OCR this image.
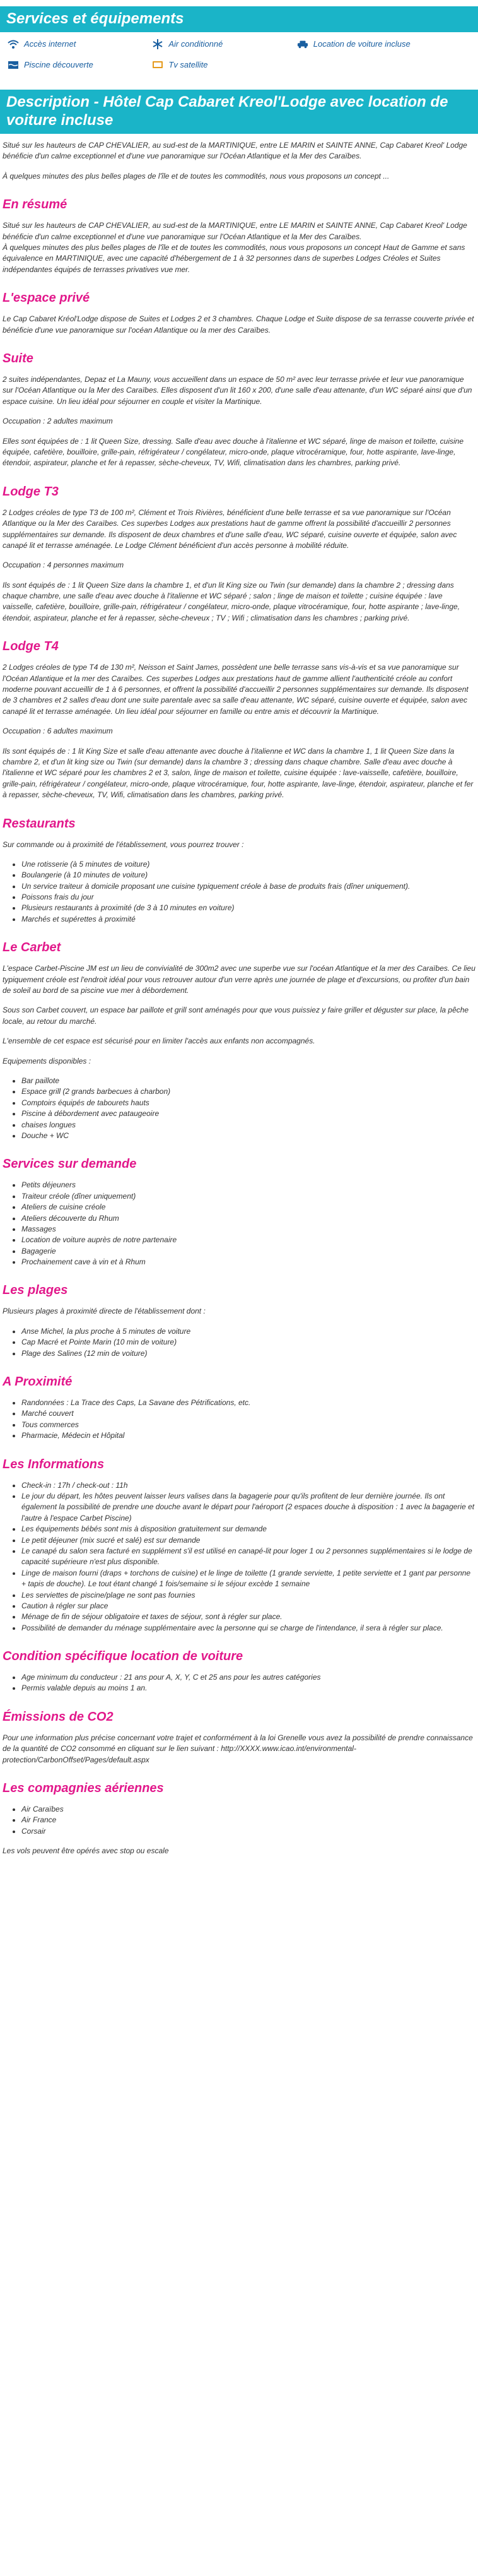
Services et équipements
Accès internet	Air conditionné	Location de voiture incluse
Piscine découverte	Tv satellite
Description - Hôtel Cap Cabaret Kreol'Lodge avec location de voiture incluse

Situé sur les hauteurs de CAP CHEVALIER, au sud-est de la MARTINIQUE, entre LE MARIN et SAINTE ANNE, Cap Cabaret Kreol' Lodge bénéficie d'un calme exceptionnel et d'une vue panoramique sur l'Océan Atlantique et la Mer des Caraïbes.

À quelques minutes des plus belles plages de l'île et de toutes les commodités, nous vous proposons un concept ...

En résumé

Situé sur les hauteurs de CAP CHEVALIER, au sud-est de la MARTINIQUE, entre LE MARIN et SAINTE ANNE, Cap Cabaret Kreol' Lodge bénéficie d'un calme exceptionnel et d'une vue panoramique sur l'Océan Atlantique et la Mer des Caraïbes.

À quelques minutes des plus belles plages de l'île et de toutes les commodités, nous vous proposons un concept Haut de Gamme et sans équivalence en MARTINIQUE, avec une capacité d'hébergement de 1 à 32 personnes dans de superbes Lodges Créoles et Suites indépendantes équipés de terrasses privatives vue mer.

L'espace privé

Le Cap Cabaret Kréol'Lodge dispose de Suites et Lodges 2 et 3 chambres. Chaque Lodge et Suite dispose de sa terrasse couverte privée et bénéficie d'une vue panoramique sur l'océan Atlantique ou la mer des Caraïbes.

Suite

2 suites indépendantes, Depaz et La Mauny, vous accueillent dans un espace de 50 m² avec leur terrasse privée et leur vue panoramique sur l'Océan Atlantique ou la Mer des Caraïbes. Elles disposent d'un lit 160 x 200, d'une salle d'eau attenante, d'un WC séparé ainsi que d'un espace cuisine. Un lieu idéal pour séjourner en couple et visiter la Martinique.

Occupation : 2 adultes maximum

Elles sont équipées de : 1 lit Queen Size, dressing. Salle d'eau avec douche à l'italienne et WC séparé, linge de maison et toilette, cuisine équipée, cafetière, bouilloire, grille-pain, réfrigérateur / congélateur, micro-onde, plaque vitrocéramique, four, hotte aspirante, lave-linge, étendoir, aspirateur, planche et fer à repasser, sèche-cheveux, TV, Wifi, climatisation dans les chambres, parking privé.

Lodge T3

2 Lodges créoles de type T3 de 100 m², Clément et Trois Rivières, bénéficient d'une belle terrasse et sa vue panoramique sur l'Océan Atlantique ou la Mer des Caraïbes. Ces superbes Lodges aux prestations haut de gamme offrent la possibilité d'accueillir 2 personnes supplémentaires sur demande. Ils disposent de deux chambres et d'une salle d'eau, WC séparé, cuisine ouverte et équipée, salon avec canapé lit et terrasse aménagée. Le Lodge Clément bénéficient d'un accès personne à mobilité réduite.

Occupation : 4 personnes maximum

Ils sont équipés de : 1 lit Queen Size dans la chambre 1, et d'un lit King size ou Twin (sur demande) dans la chambre 2 ; dressing dans chaque chambre, une salle d'eau avec douche à l'italienne et WC séparé ; salon ; linge de maison et toilette ; cuisine équipée : lave vaisselle, cafetière, bouilloire, grille-pain, réfrigérateur / congélateur, micro-onde, plaque vitrocéramique, four, hotte aspirante ; lave-linge, étendoir, aspirateur, planche et fer à repasser, sèche-cheveux ; TV ; Wifi ; climatisation dans les chambres ; parking privé.

Lodge T4

2 Lodges créoles de type T4 de 130 m², Neisson et Saint James, possèdent une belle terrasse sans vis-à-vis et sa vue panoramique sur l'Océan Atlantique et la mer des Caraïbes. Ces superbes Lodges aux prestations haut de gamme allient l'authenticité créole au confort moderne pouvant accueillir de 1 à 6 personnes, et offrent la possibilité d'accueillir 2 personnes supplémentaires sur demande. Ils disposent de 3 chambres et 2 salles d'eau dont une suite parentale avec sa salle d'eau attenante, WC séparé, cuisine ouverte et équipée, salon avec canapé lit et terrasse aménagée. Un lieu idéal pour séjourner en famille ou entre amis et découvrir la Martinique.

Occupation : 6 adultes maximum

Ils sont équipés de : 1 lit King Size et salle d'eau attenante avec douche à l'italienne et WC dans la chambre 1, 1 lit Queen Size dans la chambre 2, et d'un lit king size ou Twin (sur demande) dans la chambre 3 ; dressing dans chaque chambre. Salle d'eau avec douche à l'italienne et WC séparé pour les chambres 2 et 3, salon, linge de maison et toilette, cuisine équipée : lave-vaisselle, cafetière, bouilloire, grille-pain, réfrigérateur / congélateur, micro-onde, plaque vitrocéramique, four, hotte aspirante, lave-linge, étendoir, aspirateur, planche et fer à repasser, sèche-cheveux, TV, Wifi, climatisation dans les chambres, parking privé.

Restaurants

Sur commande ou à proximité de l'établissement, vous pourrez trouver :

• Une rotisserie (à 5 minutes de voiture)
• Boulangerie (à 10 minutes de voiture)
• Un service traiteur à domicile proposant une cuisine typiquement créole à base de produits frais (dîner uniquement).
• Poissons frais du jour
• Plusieurs restaurants à proximité (de 3 à 10 minutes en voiture)
• Marchés et supérettes à proximité
Le Carbet

L'espace Carbet-Piscine JM est un lieu de convivialité de 300m2 avec une superbe vue sur l'océan Atlantique et la mer des Caraïbes. Ce lieu typiquement créole est l'endroit idéal pour vous retrouver autour d'un verre après une journée de plage et d'excursions, ou profiter d'un bain de soleil au bord de sa piscine vue mer à débordement.

Sous son Carbet couvert, un espace bar paillote et grill sont aménagés pour que vous puissiez y faire griller et déguster sur place, la pêche locale, au retour du marché.

L'ensemble de cet espace est sécurisé pour en limiter l'accès aux enfants non accompagnés.

Equipements disponibles :

• Bar paillote
• Espace grill (2 grands barbecues à charbon)
• Comptoirs équipés de tabourets hauts
• Piscine à débordement avec pataugeoire
• chaises longues
• Douche + WC
Services sur demande
• Petits déjeuners
• Traiteur créole (dîner uniquement)
• Ateliers de cuisine créole
• Ateliers découverte du Rhum
• Massages
• Location de voiture auprès de notre partenaire
• Bagagerie
• Prochainement cave à vin et à Rhum
Les plages

Plusieurs plages à proximité directe de l'établissement dont :

• Anse Michel, la plus proche à 5 minutes de voiture
• Cap Macré et Pointe Marin (10 min de voiture)
• Plage des Salines (12 min de voiture)
A Proximité
• Randonnées : La Trace des Caps, La Savane des Pétrifications, etc.
• Marché couvert
• Tous commerces
• Pharmacie, Médecin et Hôpital
Les Informations
• Check-in : 17h / check-out : 11h
• Le jour du départ, les hôtes peuvent laisser leurs valises dans la bagagerie pour qu'ils profitent de leur dernière journée. Ils ont également la possibilité de prendre une douche avant le départ pour l'aéroport (2 espaces douche à disposition : 1 avec la bagagerie et l'autre à l'espace Carbet Piscine)
• Les équipements bébés sont mis à disposition gratuitement sur demande
• Le petit déjeuner (mix sucré et salé) est sur demande
• Le canapé du salon sera facturé en supplément s'il est utilisé en canapé-lit pour loger 1 ou 2 personnes supplémentaires si le lodge de capacité supérieure n'est plus disponible.
• Linge de maison fourni (draps + torchons de cuisine) et le linge de toilette (1 grande serviette, 1 petite serviette et 1 gant par personne + tapis de douche). Le tout étant changé 1 fois/semaine si le séjour excède 1 semaine
• Les serviettes de piscine/plage ne sont pas fournies
• Caution à régler sur place
• Ménage de fin de séjour obligatoire et taxes de séjour, sont à régler sur place.
• Possibilité de demander du ménage supplémentaire avec la personne qui se charge de l'intendance, il sera à régler sur place.
Condition spécifique location de voiture
• Age minimum du conducteur : 21 ans pour A, X, Y, C et 25 ans pour les autres catégories
• Permis valable depuis au moins 1 an.
Émissions de CO2

Pour une information plus précise concernant votre trajet et conformément à la loi Grenelle vous avez la possibilité de prendre connaissance de la quantité de CO2 consommé en cliquant sur le lien suivant : http://XXXX.www.icao.int/environmental-protection/CarbonOffset/Pages/default.aspx

Les compagnies aériennes
• Air Caraïbes
• Air France
• Corsair

Les vols peuvent être opérés avec stop ou escale
